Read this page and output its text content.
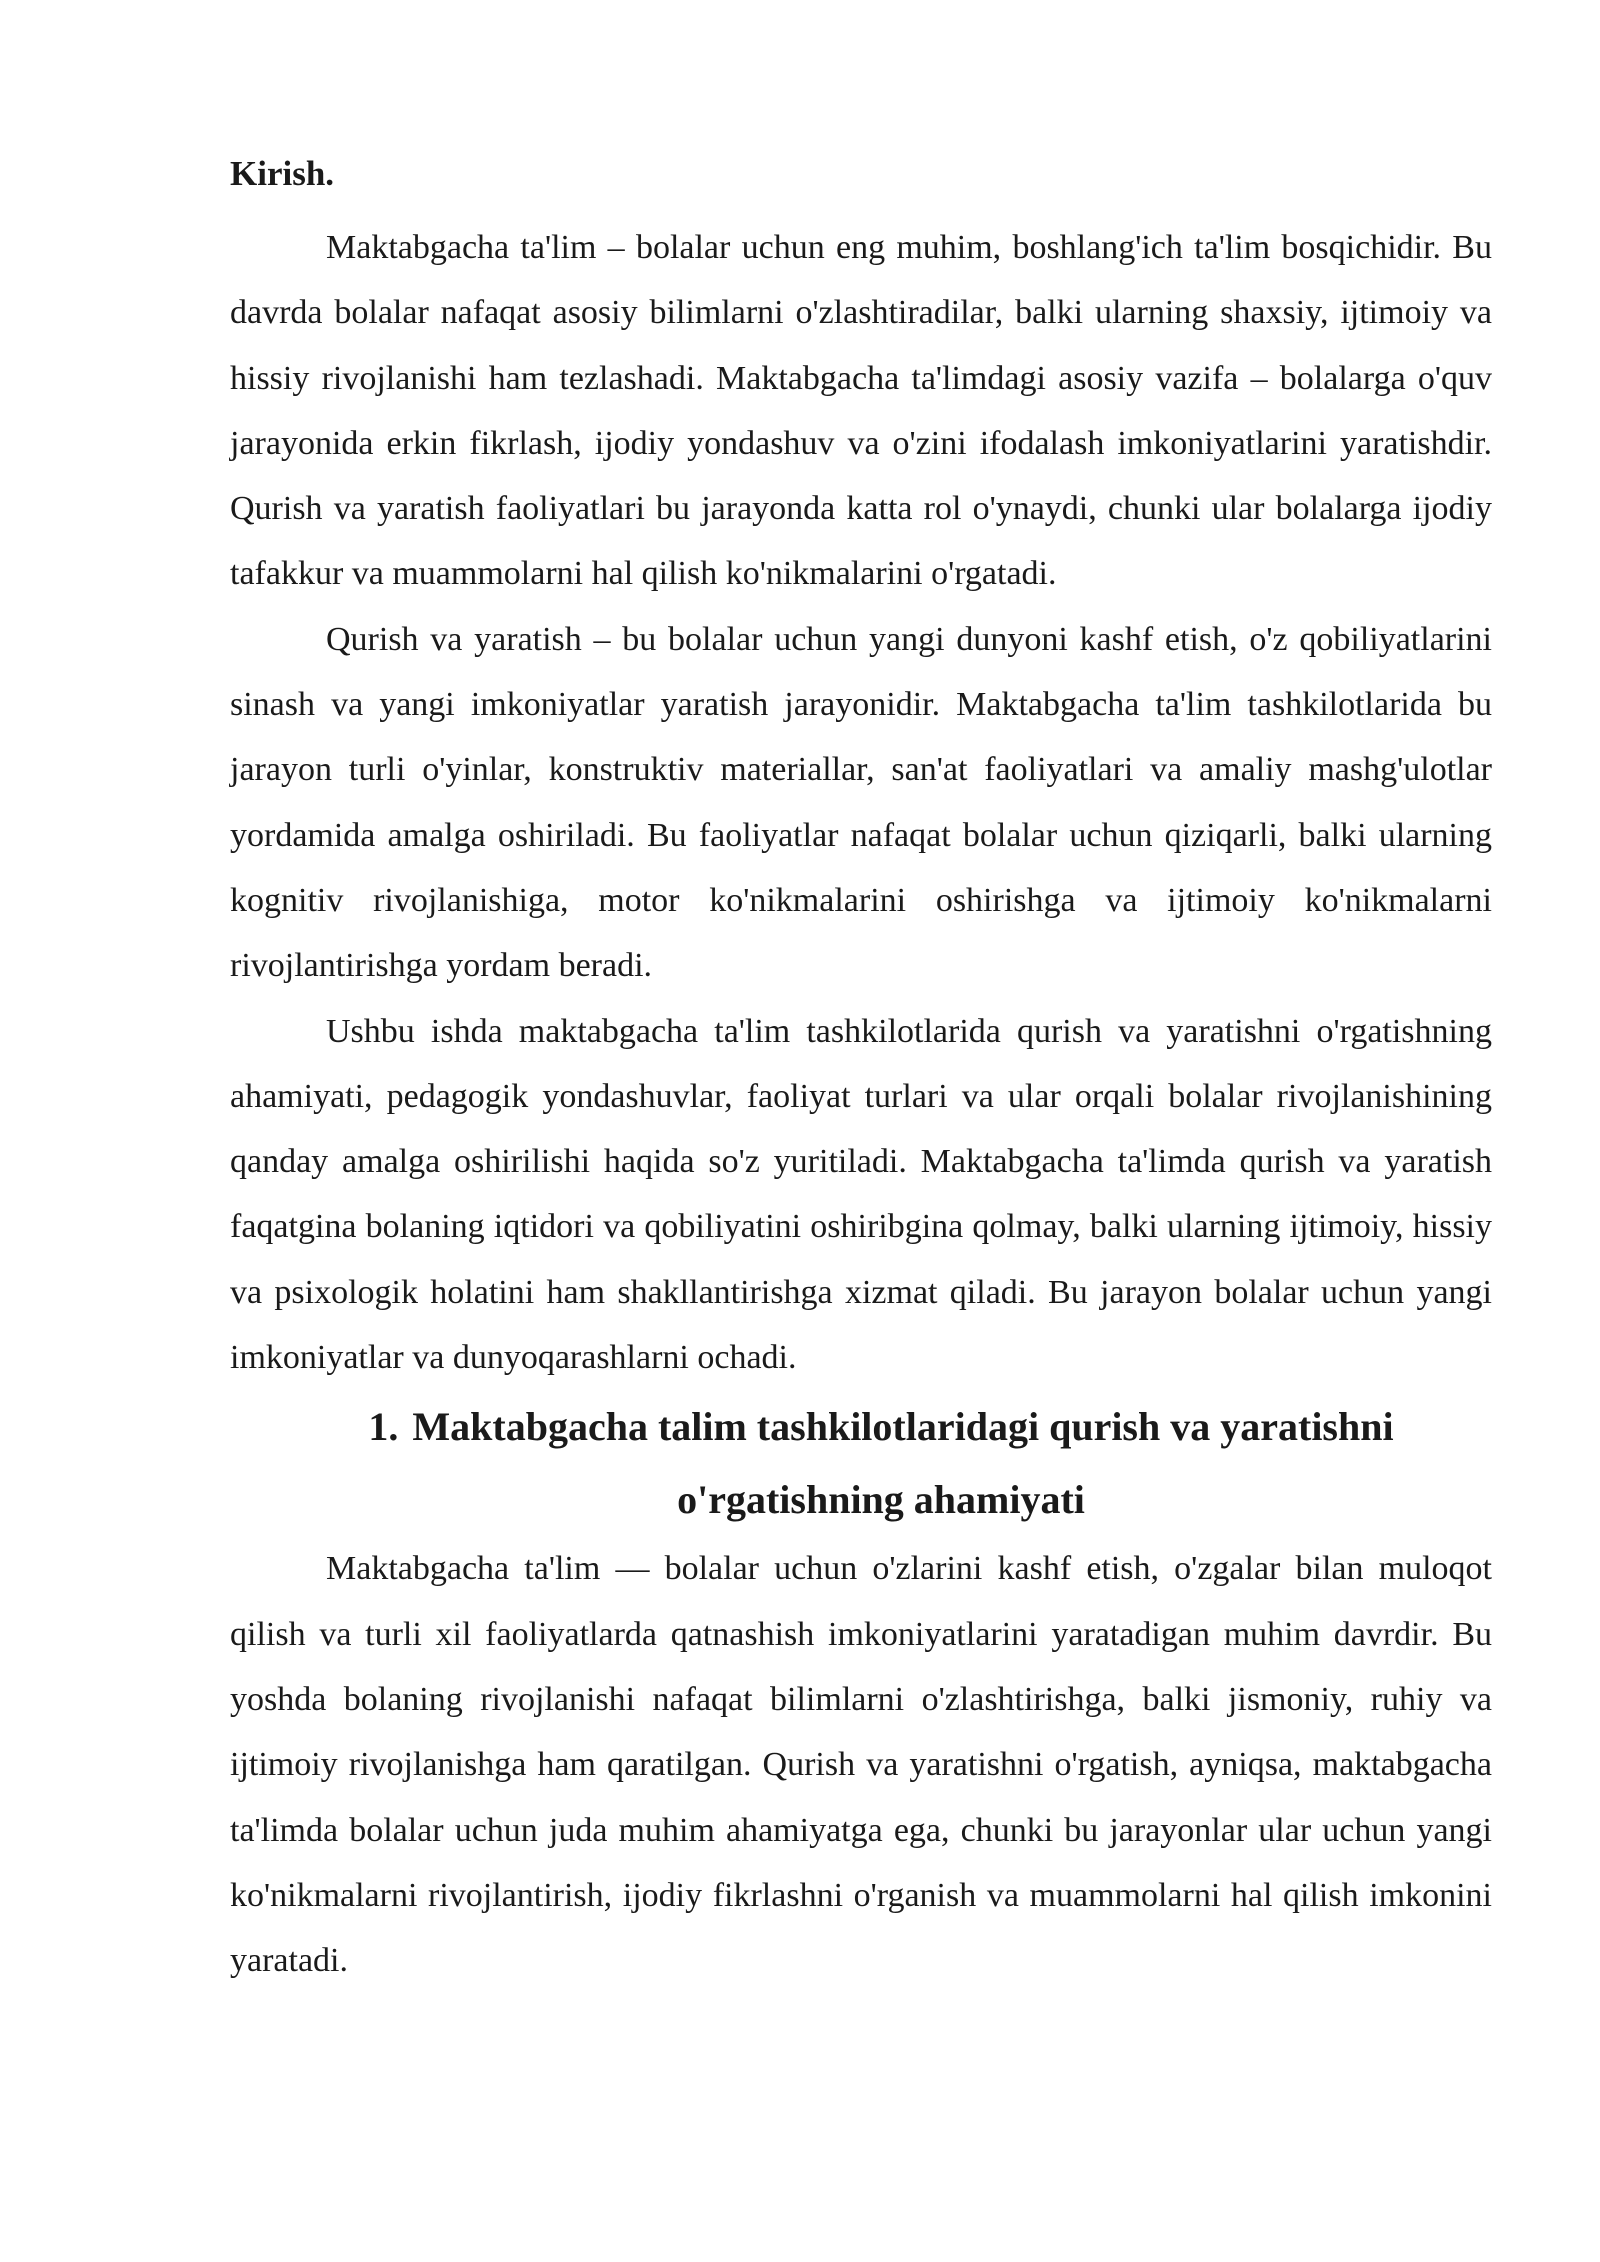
Kirish.

Maktabgacha ta'lim – bolalar uchun eng muhim, boshlang'ich ta'lim bosqichidir. Bu davrda bolalar nafaqat asosiy bilimlarni o'zlashtiradilar, balki ularning shaxsiy, ijtimoiy va hissiy rivojlanishi ham tezlashadi. Maktabgacha ta'limdagi asosiy vazifa – bolalarga o'quv jarayonida erkin fikrlash, ijodiy yondashuv va o'zini ifodalash imkoniyatlarini yaratishdir. Qurish va yaratish faoliyatlari bu jarayonda katta rol o'ynaydi, chunki ular bolalarga ijodiy tafakkur va muammolarni hal qilish ko'nikmalarini o'rgatadi.

Qurish va yaratish – bu bolalar uchun yangi dunyoni kashf etish, o'z qobiliyatlarini sinash va yangi imkoniyatlar yaratish jarayonidir. Maktabgacha ta'lim tashkilotlarida bu jarayon turli o'yinlar, konstruktiv materiallar, san'at faoliyatlari va amaliy mashg'ulotlar yordamida amalga oshiriladi. Bu faoliyatlar nafaqat bolalar uchun qiziqarli, balki ularning kognitiv rivojlanishiga, motor ko'nikmalarini oshirishga va ijtimoiy ko'nikmalarni rivojlantirishga yordam beradi.

Ushbu ishda maktabgacha ta'lim tashkilotlarida qurish va yaratishni o'rgatishning ahamiyati, pedagogik yondashuvlar, faoliyat turlari va ular orqali bolalar rivojlanishining qanday amalga oshirilishi haqida so'z yuritiladi. Maktabgacha ta'limda qurish va yaratish faqatgina bolaning iqtidori va qobiliyatini oshiribgina qolmay, balki ularning ijtimoiy, hissiy va psixologik holatini ham shakllantirishga xizmat qiladi. Bu jarayon bolalar uchun yangi imkoniyatlar va dunyoqarashlarni ochadi.

1. Maktabgacha talim tashkilotlaridagi qurish va yaratishni o'rgatishning ahamiyati

Maktabgacha ta'lim — bolalar uchun o'zlarini kashf etish, o'zgalar bilan muloqot qilish va turli xil faoliyatlarda qatnashish imkoniyatlarini yaratadigan muhim davrdir. Bu yoshda bolaning rivojlanishi nafaqat bilimlarni o'zlashtirishga, balki jismoniy, ruhiy va ijtimoiy rivojlanishga ham qaratilgan. Qurish va yaratishni o'rgatish, ayniqsa, maktabgacha ta'limda bolalar uchun juda muhim ahamiyatga ega, chunki bu jarayonlar ular uchun yangi ko'nikmalarni rivojlantirish, ijodiy fikrlashni o'rganish va muammolarni hal qilish imkonini yaratadi.
